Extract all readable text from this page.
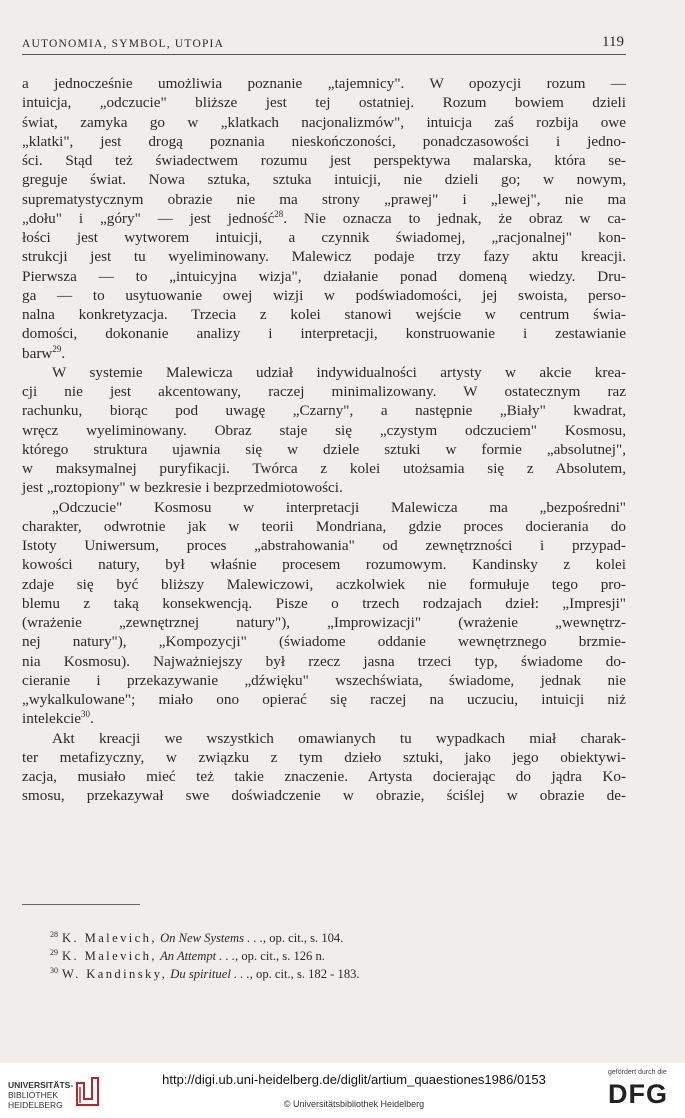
AUTONOMIA, SYMBOL, UTOPIA	119
a jednocześnie umożliwia poznanie „tajemnicy". W opozycji rozum —
intuicja, „odczucie" bliższe jest tej ostatniej. Rozum bowiem dzieli
świat, zamyka go w „klatkach nacjonalizmów", intuicja zaś rozbija owe
„klatki", jest drogą poznania nieskończoności, ponadczasowości i jedno-
ści. Stąd też świadectwem rozumu jest perspektywa malarska, która se-
greguje świat. Nowa sztuka, sztuka intuicji, nie dzieli go; w nowym,
suprematystycznym obrazie nie ma strony „prawej" i „lewej", nie ma
„dołu" i „góry" — jest jedność$^{28}$. Nie oznacza to jednak, że obraz w ca-
łości jest wytworem intuicji, a czynnik świadomej, „racjonalnej" kon-
strukcji jest tu wyeliminowany. Malewicz podaje trzy fazy aktu kreacji.
Pierwsza — to „intuicyjna wizja", działanie ponad domeną wiedzy. Dru-
ga — to usytuowanie owej wizji w podświadomości, jej swoista, perso-
nalna konkretyzacja. Trzecia z kolei stanowi wejście w centrum świa-
domości, dokonanie analizy i interpretacji, konstruowanie i zestawianie
barw$^{29}$.
W systemie Malewicza udział indywidualności artysty w akcie krea-
cji nie jest akcentowany, raczej minimalizowany. W ostatecznym raz
rachunku, biorąc pod uwagę „Czarny", a następnie „Biały" kwadrat,
wręcz wyeliminowany. Obraz staje się „czystym odczuciem" Kosmosu,
którego struktura ujawnia się w dziele sztuki w formie „absolutnej",
w maksymalnej puryfikacji. Twórca z kolei utożsamia się z Absolutem,
jest „roztopiony" w bezkresie i bezprzedmiotowości.
„Odczucie" Kosmosu w interpretacji Malewicza ma „bezpośredni"
charakter, odwrotnie jak w teorii Mondriana, gdzie proces docierania do
Istoty Uniwersum, proces „abstrahowania" od zewnętrzności i przypad-
kowości natury, był właśnie procesem rozumowym. Kandinsky z kolei
zdaje się być bliższy Malewiczowi, aczkolwiek nie formułuje tego pro-
blemu z taką konsekwencją. Pisze o trzech rodzajach dzieł: „Impresji"
(wrażenie „zewnętrznej natury"), „Improwizacji" (wrażenie „wewnętrz-
nej natury"), „Kompozycji" (świadome oddanie wewnętrznego brzmie-
nia Kosmosu). Najważniejszy był rzecz jasna trzeci typ, świadome do-
cieranie i przekazywanie „dźwięku" wszechświata, świadome, jednak nie
„wykalkulowane"; miało ono opierać się raczej na uczuciu, intuicji niż
intelekcie$^{30}$.
Akt kreacji we wszystkich omawianych tu wypadkach miał charak-
ter metafizyczny, w związku z tym dzieło sztuki, jako jego obiektywi-
zacja, musiało mieć też takie znaczenie. Artysta docierając do jądra Ko-
smosu, przekazywał swe doświadczenie w obrazie, ściślej w obrazie de-
$^{28}$ K. Malevich, On New Systems . . ., op. cit., s. 104.
$^{29}$ K. Malevich, An Attempt . . ., op. cit., s. 126 n.
$^{30}$ W. Kandinsky, Du spirituel . . ., op. cit., s. 182 - 183.
UNIVERSITÄTS-
BIBLIOTHEK
HEIDELBERG
http://digi.ub.uni-heidelberg.de/diglit/artium_quaestiones1986/0153
© Universitätsbibliothek Heidelberg
gefördert durch die
DFG
